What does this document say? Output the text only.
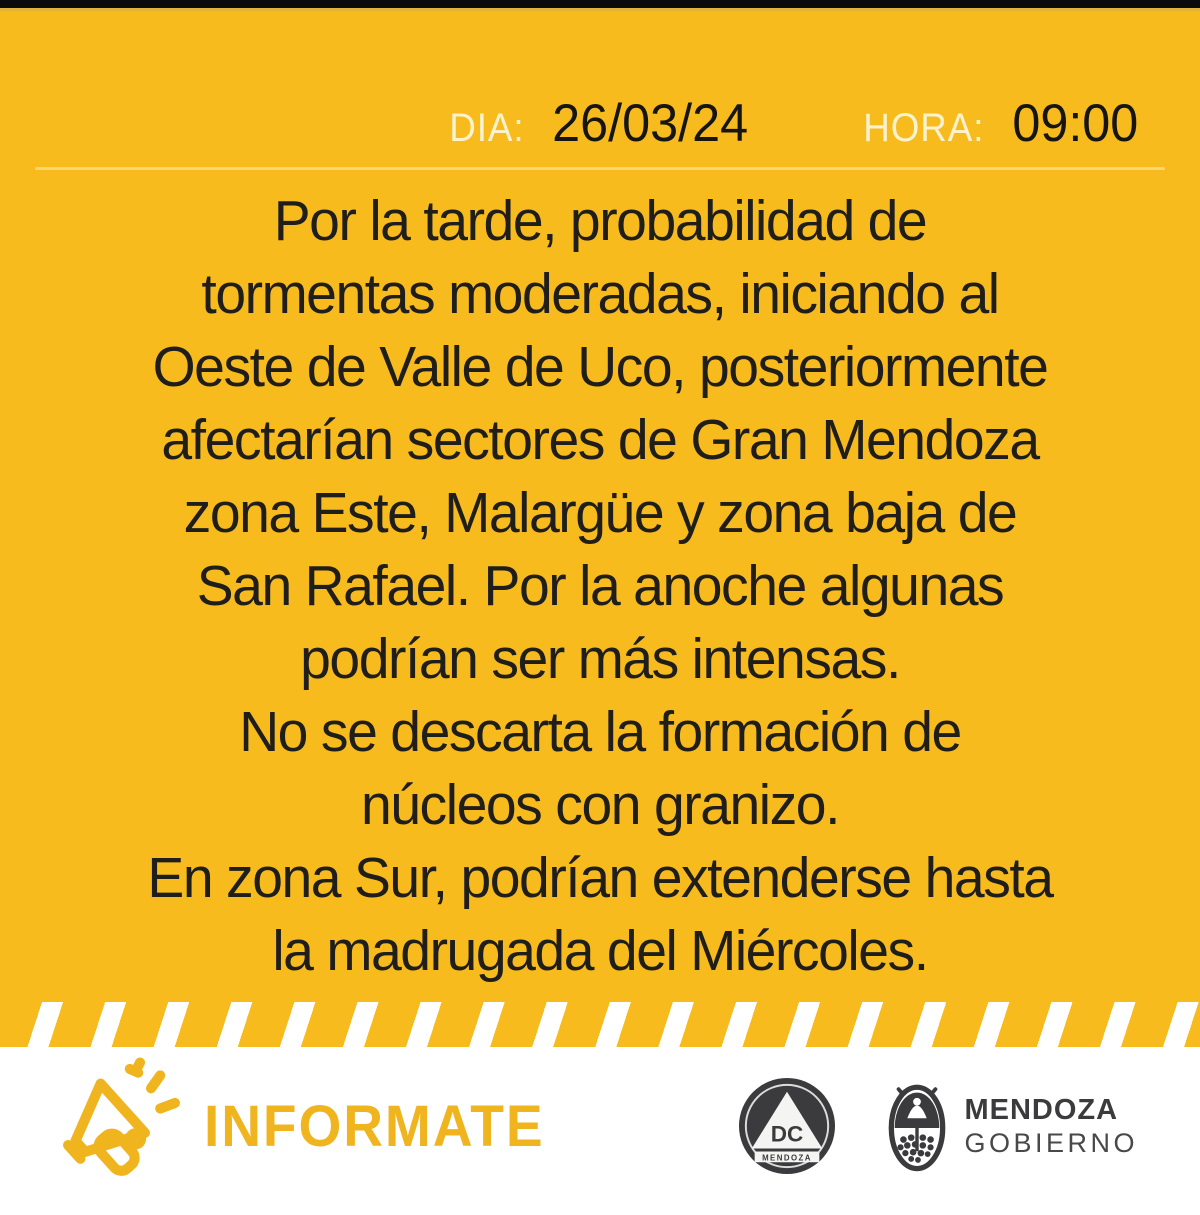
DIA: 26/03/24	HORA: 09:00
Por la tarde, probabilidad de
tormentas moderadas, iniciando al
Oeste de Valle de Uco, posteriormente
afectarían sectores de Gran Mendoza
zona Este, Malargüe y zona baja de
San Rafael. Por la anoche algunas
podrían ser más intensas.
No se descarta la formación de
núcleos con granizo.
En zona Sur, podrían extenderse hasta
la madrugada del Miércoles.
INFORMATE	DC
MENDOZA
MENDOZA
GOBIERNO
